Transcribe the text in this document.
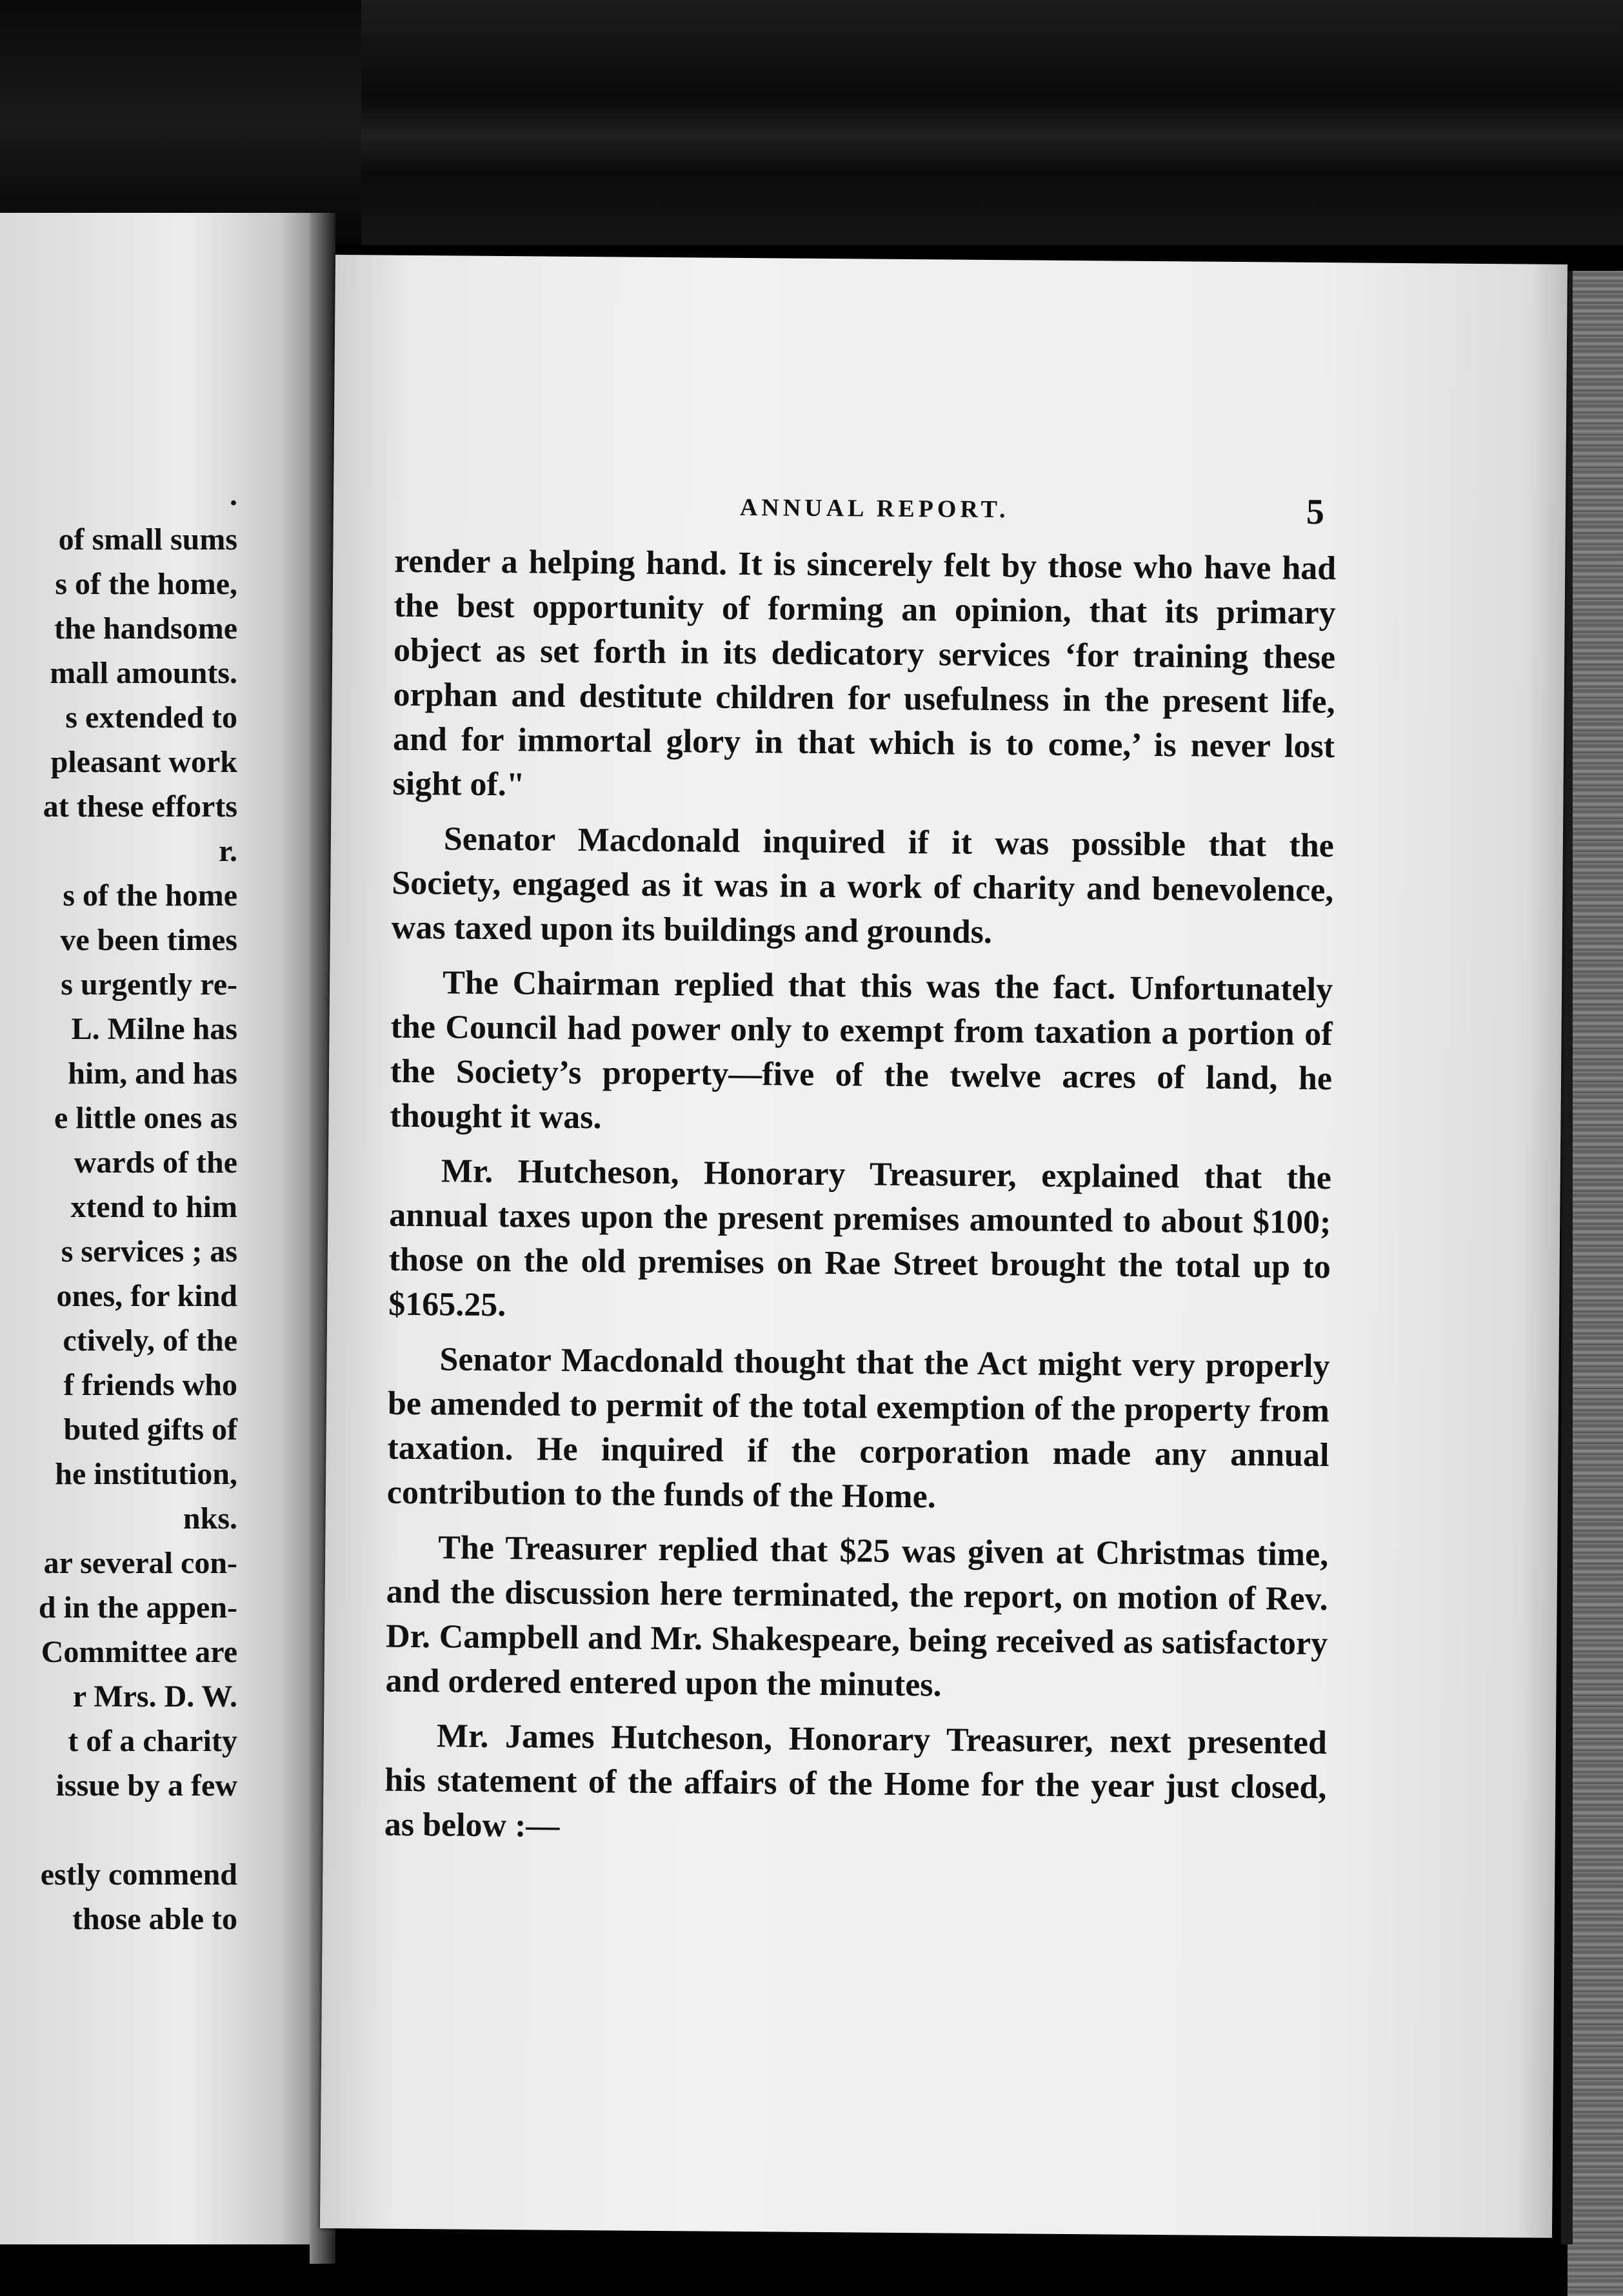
.
of small sums
s of the home,
the handsome
mall amounts.
s extended to
pleasant work
at these efforts
r.
s of the home
ve been times
s urgently re-
L. Milne has
him, and has
e little ones as
wards of the
xtend to him
s services ; as
ones, for kind
ctively, of the
f friends who
buted gifts of
he institution,
nks.
ar several con-
d in the appen-
Committee are
r Mrs. D. W.
t of a charity
issue by a few
estly commend
those able to
ANNUAL REPORT.	5

render a helping hand. It is sincerely felt by those who have had the best opportunity of forming an opinion, that its primary object as set forth in its dedicatory services ‘for training these orphan and destitute children for usefulness in the present life, and for immortal glory in that which is to come,’ is never lost sight of."

Senator Macdonald inquired if it was possible that the Society, engaged as it was in a work of charity and benevolence, was taxed upon its buildings and grounds.

The Chairman replied that this was the fact. Unfortunately the Council had power only to exempt from taxation a portion of the Society’s property—five of the twelve acres of land, he thought it was.

Mr. Hutcheson, Honorary Treasurer, explained that the annual taxes upon the present premises amounted to about $100; those on the old premises on Rae Street brought the total up to $165.25.

Senator Macdonald thought that the Act might very properly be amended to permit of the total exemption of the property from taxation. He inquired if the corporation made any annual contribution to the funds of the Home.

The Treasurer replied that $25 was given at Christmas time, and the discussion here terminated, the report, on motion of Rev. Dr. Campbell and Mr. Shakespeare, being received as satisfactory and ordered entered upon the minutes.

Mr. James Hutcheson, Honorary Treasurer, next presented his statement of the affairs of the Home for the year just closed, as below :—
